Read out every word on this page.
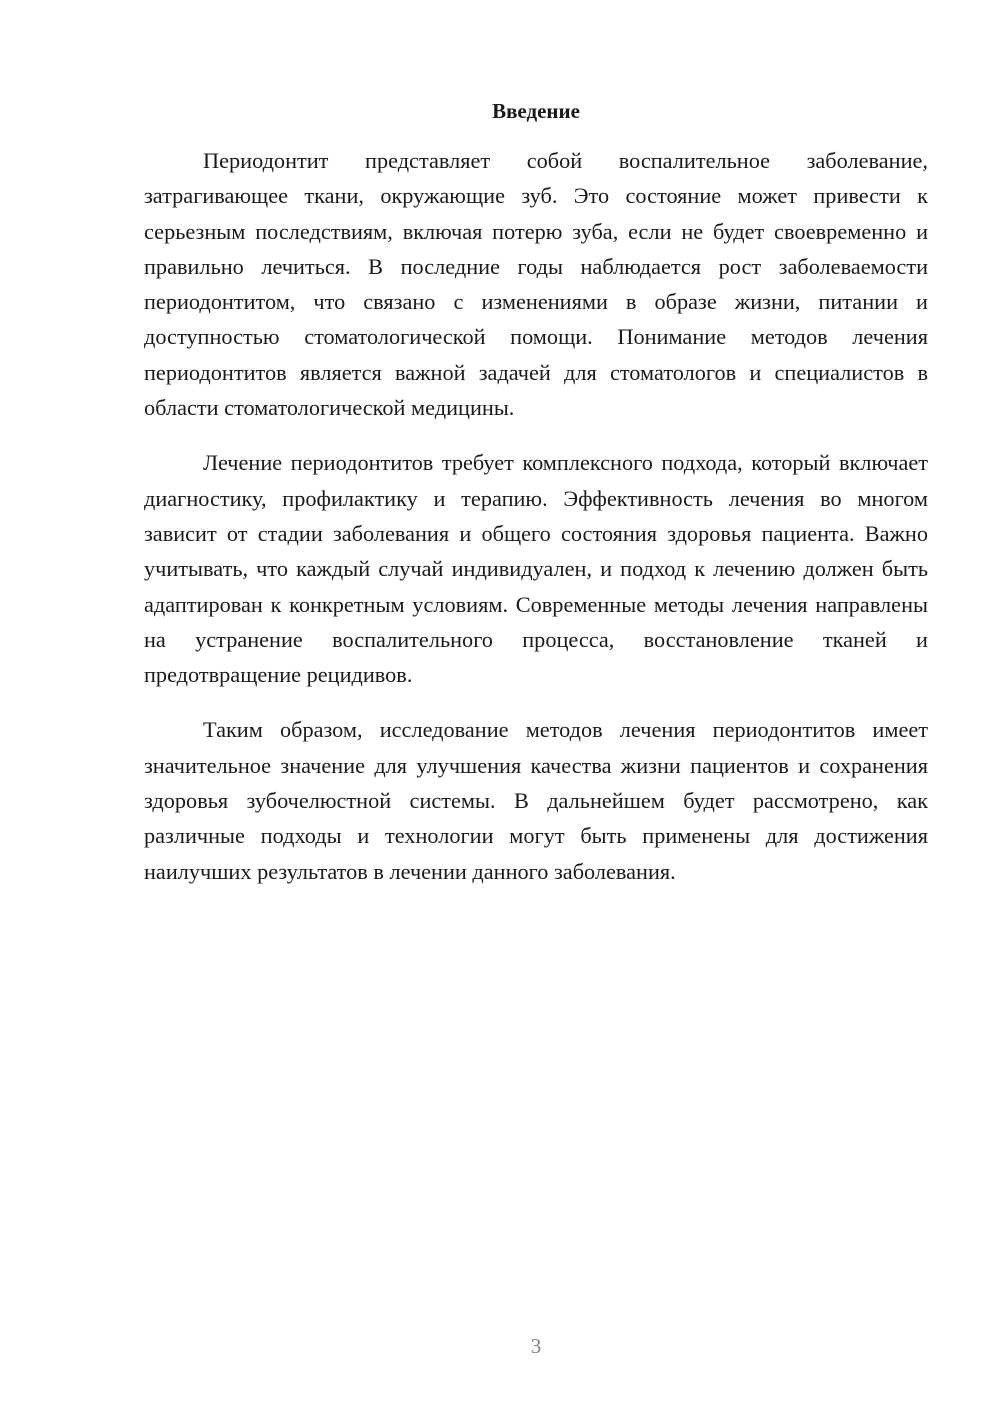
Введение

Периодонтит представляет собой воспалительное заболевание, затрагивающее ткани, окружающие зуб. Это состояние может привести к серьезным последствиям, включая потерю зуба, если не будет своевременно и правильно лечиться. В последние годы наблюдается рост заболеваемости периодонтитом, что связано с изменениями в образе жизни, питании и доступностью стоматологической помощи. Понимание методов лечения периодонтитов является важной задачей для стоматологов и специалистов в области стоматологической медицины.

Лечение периодонтитов требует комплексного подхода, который включает диагностику, профилактику и терапию. Эффективность лечения во многом зависит от стадии заболевания и общего состояния здоровья пациента. Важно учитывать, что каждый случай индивидуален, и подход к лечению должен быть адаптирован к конкретным условиям. Современные методы лечения направлены на устранение воспалительного процесса, восстановление тканей и предотвращение рецидивов.

Таким образом, исследование методов лечения периодонтитов имеет значительное значение для улучшения качества жизни пациентов и сохранения здоровья зубочелюстной системы. В дальнейшем будет рассмотрено, как различные подходы и технологии могут быть применены для достижения наилучших результатов в лечении данного заболевания.

3
